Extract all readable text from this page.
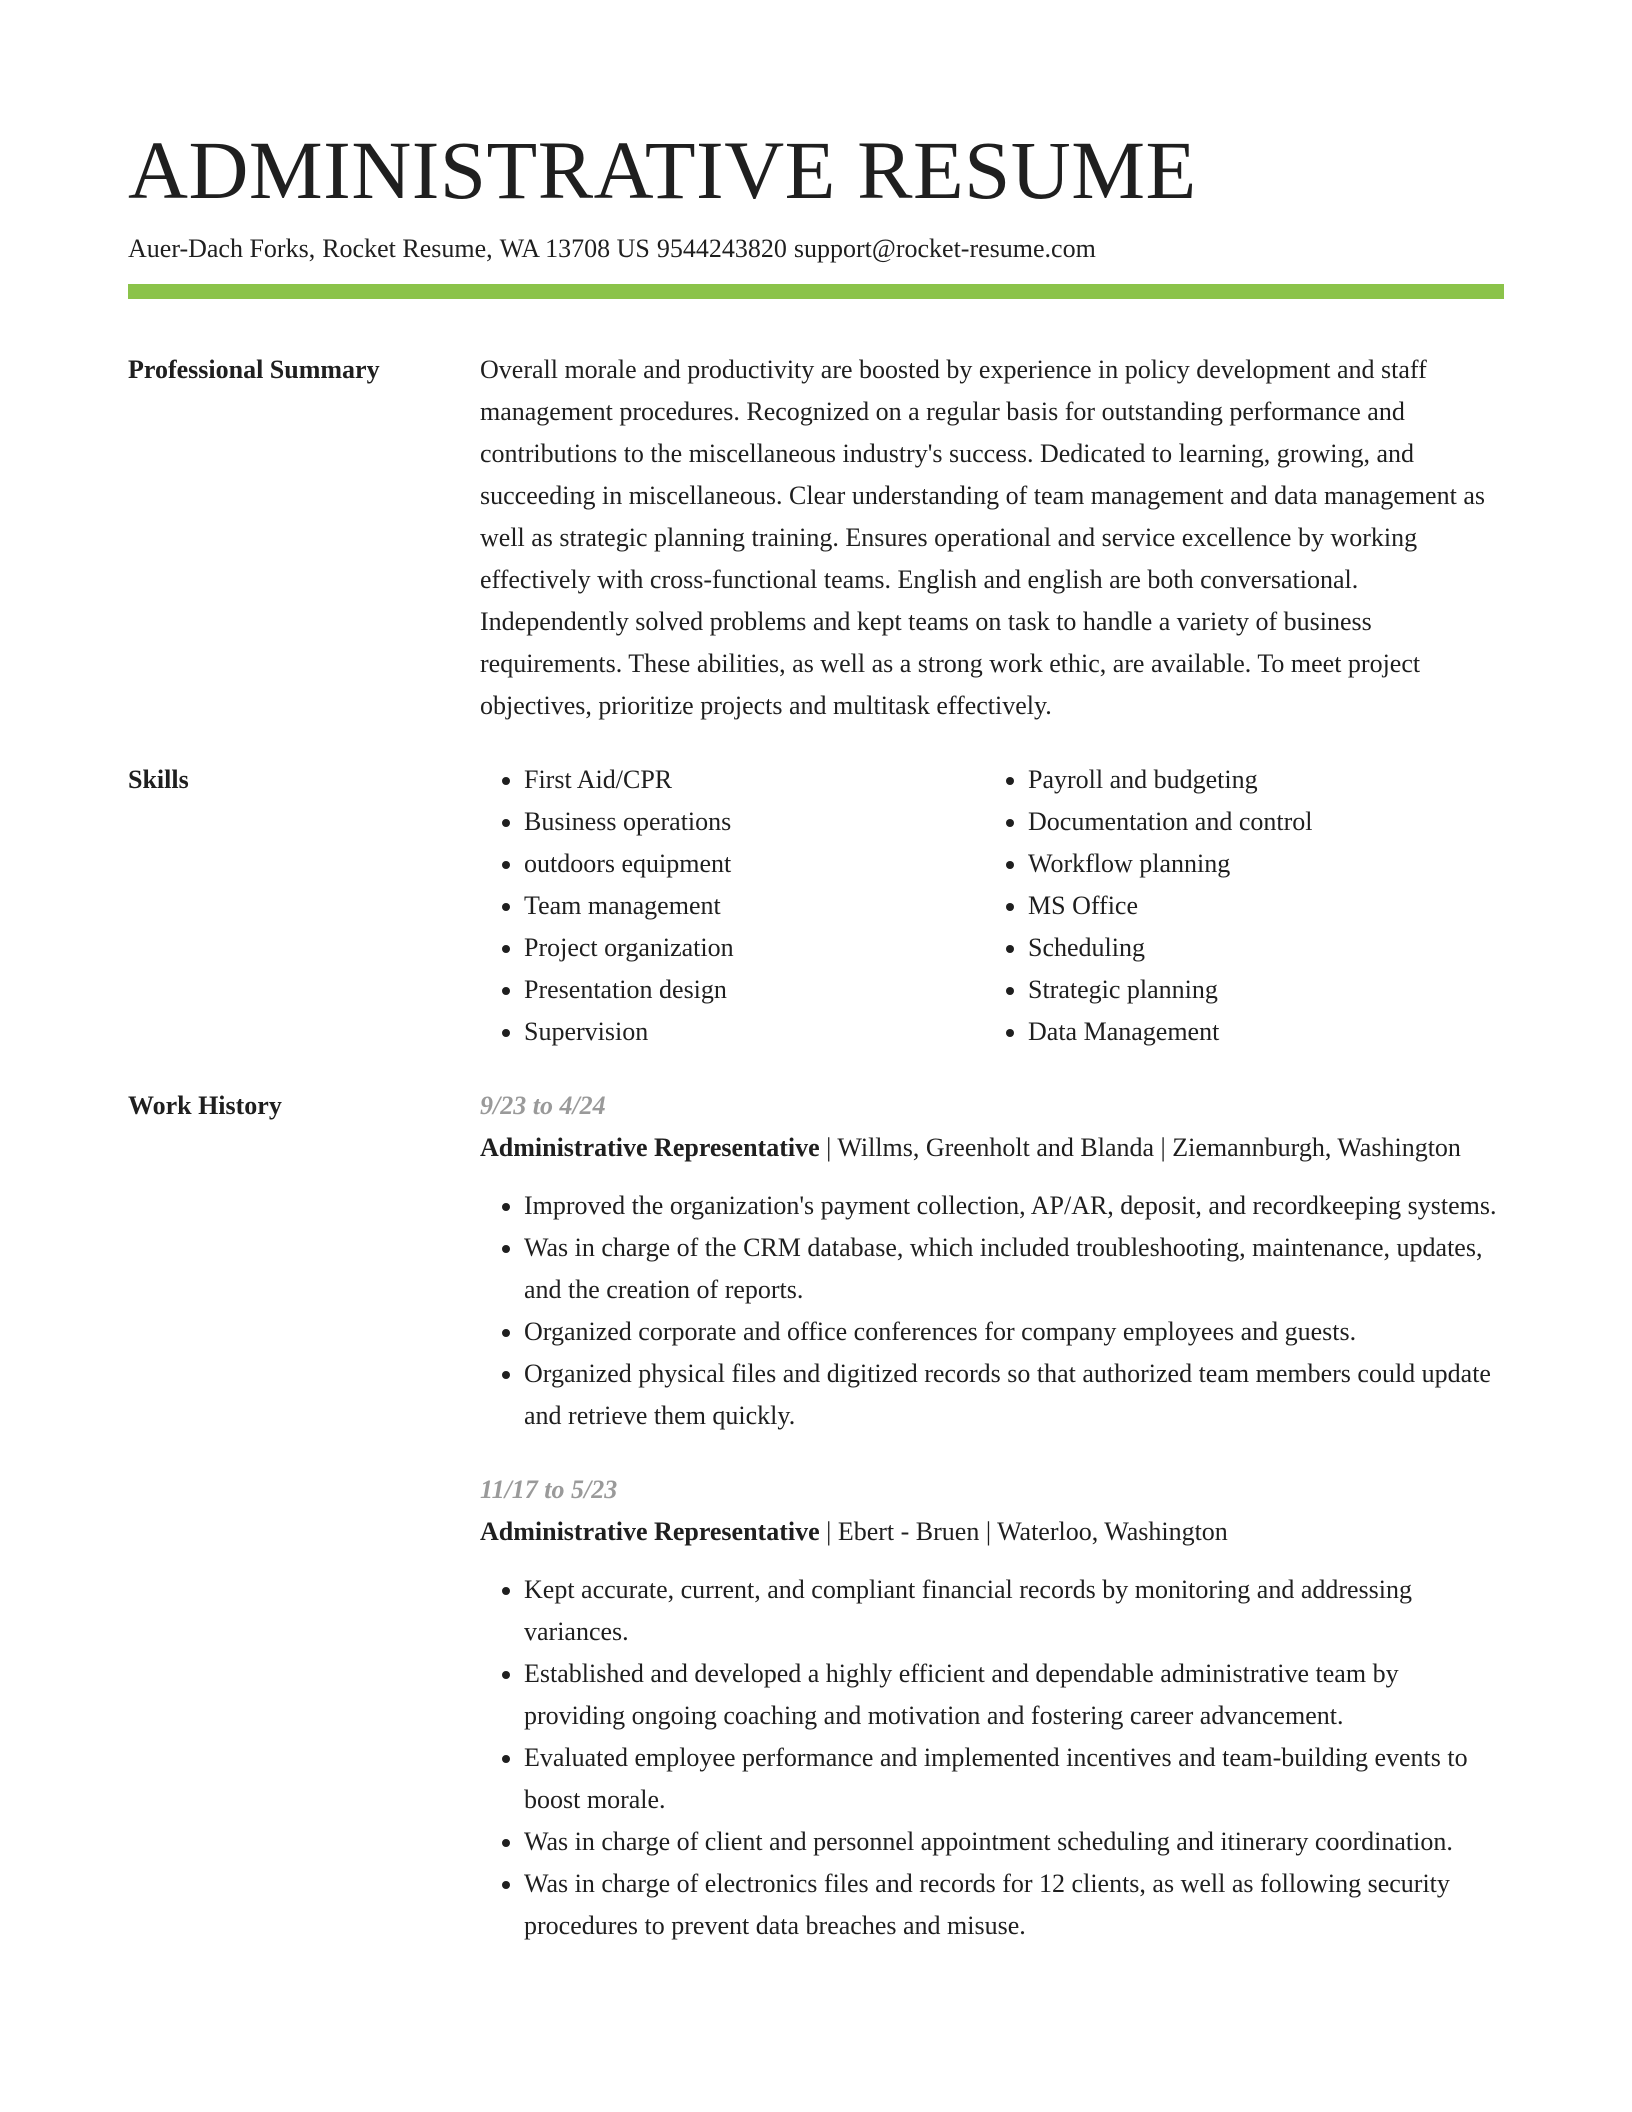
ADMINISTRATIVE RESUME
Auer-Dach Forks, Rocket Resume, WA 13708 US 9544243820 support@rocket-resume.com
Professional Summary	Overall morale and productivity are boosted by experience in policy development and staff management procedures. Recognized on a regular basis for outstanding performance and contributions to the miscellaneous industry's success. Dedicated to learning, growing, and succeeding in miscellaneous. Clear understanding of team management and data management as well as strategic planning training. Ensures operational and service excellence by working effectively with cross-functional teams. English and english are both conversational. Independently solved problems and kept teams on task to handle a variety of business requirements. These abilities, as well as a strong work ethic, are available. To meet project objectives, prioritize projects and multitask effectively.

Skills
•	First Aid/CPR
• Business operations
• outdoors equipment
• Team management
• Project organization
• Presentation design
• Supervision
• Payroll and budgeting
• Documentation and control
• Workflow planning
• MS Office
• Scheduling
• Strategic planning
• Data Management
Work History	9/23 to 4/24
Administrative Representative | Willms, Greenholt and Blanda | Ziemannburgh, Washington
• Improved the organization's payment collection, AP/AR, deposit, and recordkeeping systems.
• Was in charge of the CRM database, which included troubleshooting, maintenance, updates, and the creation of reports.
• Organized corporate and office conferences for company employees and guests.
• Organized physical files and digitized records so that authorized team members could update and retrieve them quickly.
11/17 to 5/23
Administrative Representative | Ebert - Bruen | Waterloo, Washington
• Kept accurate, current, and compliant financial records by monitoring and addressing variances.
• Established and developed a highly efficient and dependable administrative team by providing ongoing coaching and motivation and fostering career advancement.
• Evaluated employee performance and implemented incentives and team-building events to boost morale.
• Was in charge of client and personnel appointment scheduling and itinerary coordination.
• Was in charge of electronics files and records for 12 clients, as well as following security procedures to prevent data breaches and misuse.
